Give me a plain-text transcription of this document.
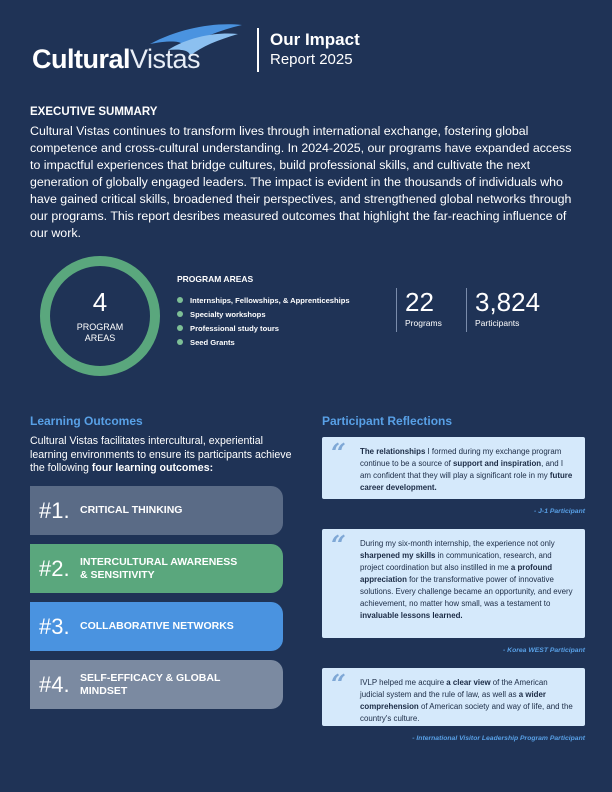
CulturalVistas
Our Impact
Report 2025
EXECUTIVE SUMMARY
Cultural Vistas continues to transform lives through international exchange, fostering global competence and cross-cultural understanding. In 2024-2025, our programs have expanded access to impactful experiences that bridge cultures, build professional skills, and cultivate the next generation of globally engaged leaders. The impact is evident in the thousands of individuals who have gained critical skills, broadened their perspectives, and strengthened global networks through our programs. This report desribes measured outcomes that highlight the far-reaching influence of our work.
4
PROGRAM
AREAS
PROGRAM AREAS
Internships, Fellowships, & Apprenticeships
Specialty workshops
Professional study tours
Seed Grants
22
Programs
3,824
Participants
Learning Outcomes
Cultural Vistas facilitates intercultural, experiential learning environments to ensure its participants achieve the following four learning outcomes:
#1. CRITICAL THINKING
#2. INTERCULTURAL AWARENESS
& SENSITIVITY
#3. COLLABORATIVE NETWORKS
#4. SELF-EFFICACY & GLOBAL
MINDSET
Participant Reflections
“ The relationships I formed during my exchange program continue to be a source of support and inspiration, and I am confident that they will play a significant role in my future career development.
- J-1 Participant
“ During my six-month internship, the experience not only sharpened my skills in communication, research, and project coordination but also instilled in me a profound appreciation for the transformative power of innovative solutions. Every challenge became an opportunity, and every achievement, no matter how small, was a testament to invaluable lessons learned.
- Korea WEST Participant
“ IVLP helped me acquire a clear view of the American judicial system and the rule of law, as well as a wider comprehension of American society and way of life, and the country's culture.
- International Visitor Leadership Program Participant
